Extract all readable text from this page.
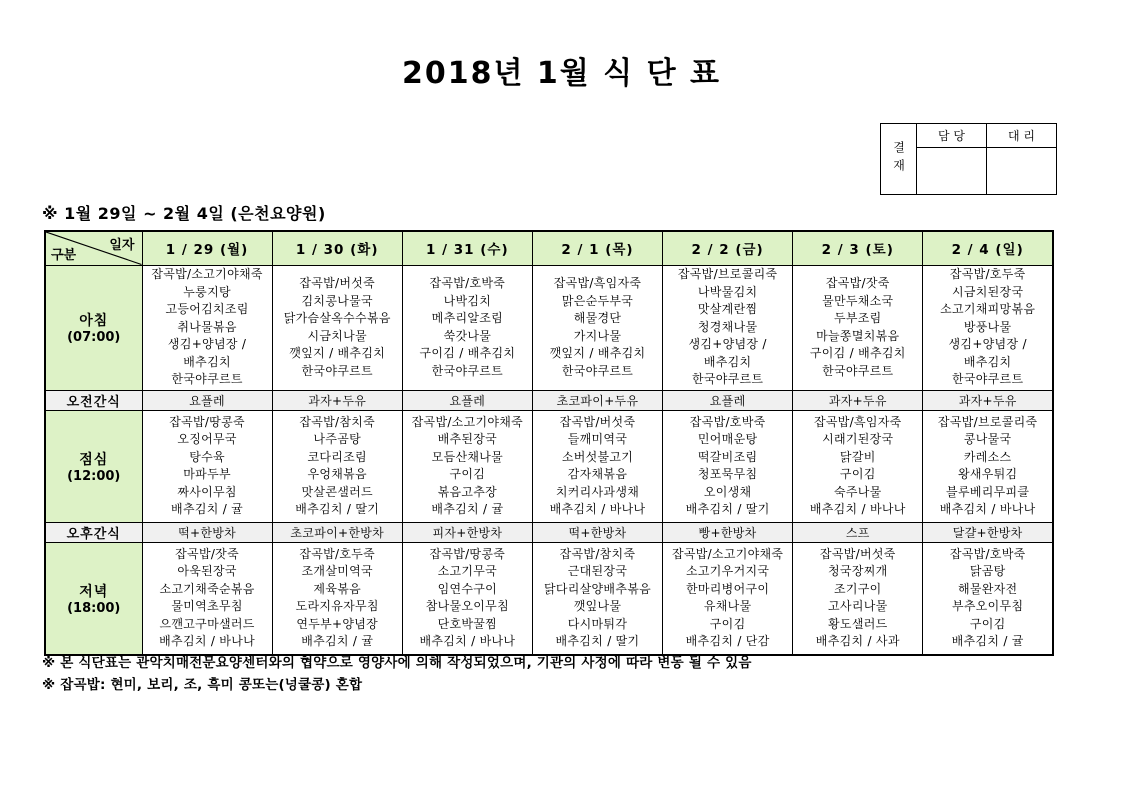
2018년 1월 식 단 표
결재
담 당	대 리
※ 1월 29일 ~ 2월 4일 (은천요양원)
일자
구분	1 / 29 (월)	1 / 30 (화)	1 / 31 (수)	2 / 1 (목)	2 / 2 (금)	2 / 3 (토)	2 / 4 (일)

아침
(07:00)

잡곡밥/소고기야채죽
누룽지탕
고등어김치조림
취나물볶음
생김+양념장 /
배추김치
한국야쿠르트

잡곡밥/버섯죽
김치콩나물국
닭가슴살옥수수볶음
시금치나물
깻잎지 / 배추김치
한국야쿠르트

잡곡밥/호박죽
나박김치
메추리알조림
쑥갓나물
구이김 / 배추김치
한국야쿠르트

잡곡밥/흑임자죽
맑은순두부국
해물경단
가지나물
깻잎지 / 배추김치
한국야쿠르트

잡곡밥/브로콜리죽
나박물김치
맛살계란찜
청경채나물
생김+양념장 /
배추김치
한국야쿠르트

잡곡밥/잣죽
물만두채소국
두부조림
마늘쫑멸치볶음
구이김 / 배추김치
한국야쿠르트

잡곡밥/호두죽
시금치된장국
소고기채피망볶음
방풍나물
생김+양념장 /
배추김치
한국야쿠르트

오전간식	요플레	과자+두유	요플레	초코파이+두유	요플레	과자+두유	과자+두유

점심
(12:00)

잡곡밥/땅콩죽
오징어무국
탕수육
마파두부
짜사이무침
배추김치 / 귤

잡곡밥/참치죽
나주곰탕
코다리조림
우엉채볶음
맛살콘샐러드
배추김치 / 딸기

잡곡밥/소고기야채죽
배추된장국
모듬산채나물
구이김
볶음고추장
배추김치 / 귤

잡곡밥/버섯죽
들깨미역국
소버섯불고기
감자채볶음
치커리사과생채
배추김치 / 바나나

잡곡밥/호박죽
민어매운탕
떡갈비조림
청포묵무침
오이생채
배추김치 / 딸기

잡곡밥/흑임자죽
시래기된장국
닭갈비
구이김
숙주나물
배추김치 / 바나나

잡곡밥/브로콜리죽
콩나물국
카레소스
왕새우튀김
블루베리무피클
배추김치 / 바나나

오후간식	떡+한방차	초코파이+한방차	피자+한방차	떡+한방차	빵+한방차	스프	달걀+한방차

저녁
(18:00)

잡곡밥/잣죽
아욱된장국
소고기채죽순볶음
물미역초무침
으깬고구마샐러드
배추김치 / 바나나

잡곡밥/호두죽
조개살미역국
제육볶음
도라지유자무침
연두부+양념장
배추김치 / 귤

잡곡밥/땅콩죽
소고기무국
임연수구이
참나물오이무침
단호박꿀찜
배추김치 / 바나나

잡곡밥/참치죽
근대된장국
닭다리살양배추볶음
깻잎나물
다시마튀각
배추김치 / 딸기

잡곡밥/소고기야채죽
소고기우거지국
한마리병어구이
유채나물
구이김
배추김치 / 단감

잡곡밥/버섯죽
청국장찌개
조기구이
고사리나물
황도샐러드
배추김치 / 사과

잡곡밥/호박죽
닭곰탕
해물완자전
부추오이무침
구이김
배추김치 / 귤
※ 본 식단표는 관악치매전문요양센터와의 협약으로 영양사에 의해 작성되었으며, 기관의 사정에 따라 변동 될 수 있음
※ 잡곡밥: 현미, 보리, 조, 흑미 콩또는(넝쿨콩) 혼합
